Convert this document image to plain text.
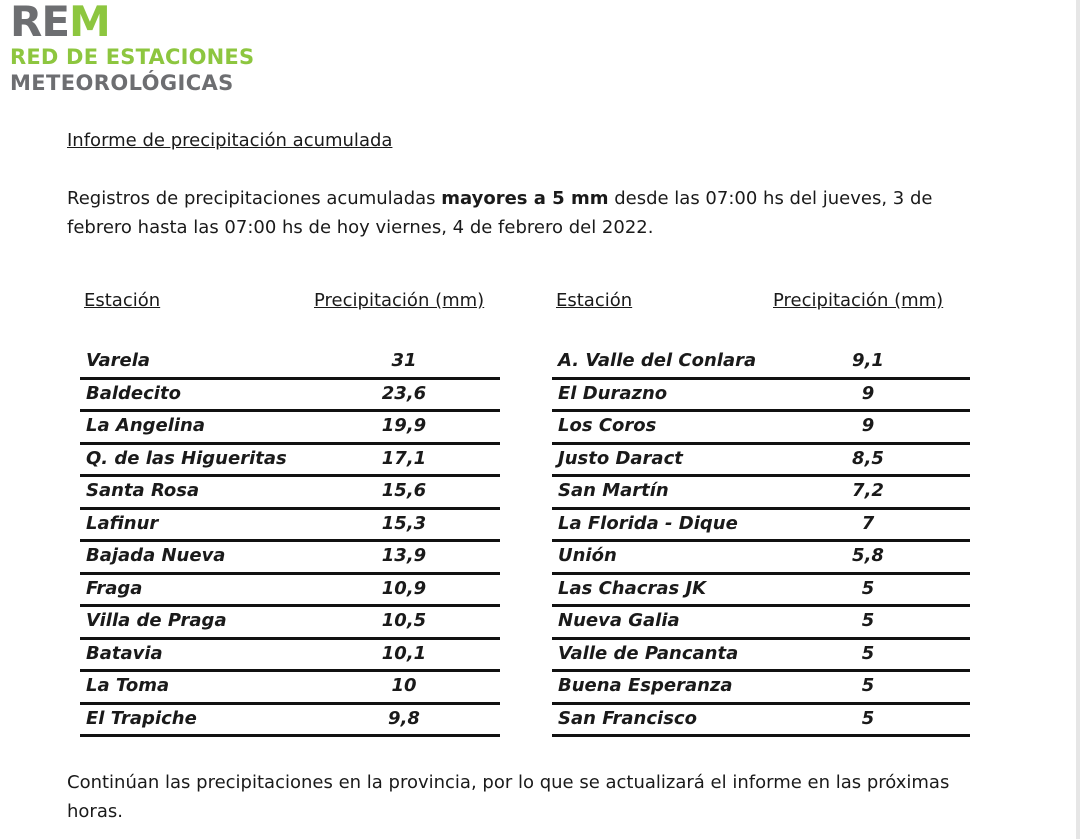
REM
RED DE ESTACIONES
METEOROLÓGICAS
Informe de precipitación acumulada
Registros de precipitaciones acumuladas mayores a 5 mm desde las 07:00 hs del jueves, 3 de febrero hasta las 07:00 hs de hoy viernes, 4 de febrero del 2022.
Estación	Precipitación (mm)
Varela	31
Baldecito	23,6
La Angelina	19,9
Q. de las Higueritas	17,1
Santa Rosa	15,6
Lafinur	15,3
Bajada Nueva	13,9
Fraga	10,9
Villa de Praga	10,5
Batavia	10,1
La Toma	10
El Trapiche	9,8
Estación	Precipitación (mm)
A. Valle del Conlara	9,1
El Durazno	9
Los Coros	9
Justo Daract	8,5
San Martín	7,2
La Florida - Dique	7
Unión	5,8
Las Chacras JK	5
Nueva Galia	5
Valle de Pancanta	5
Buena Esperanza	5
San Francisco	5
Continúan las precipitaciones en la provincia, por lo que se actualizará el informe en las próximas horas.
